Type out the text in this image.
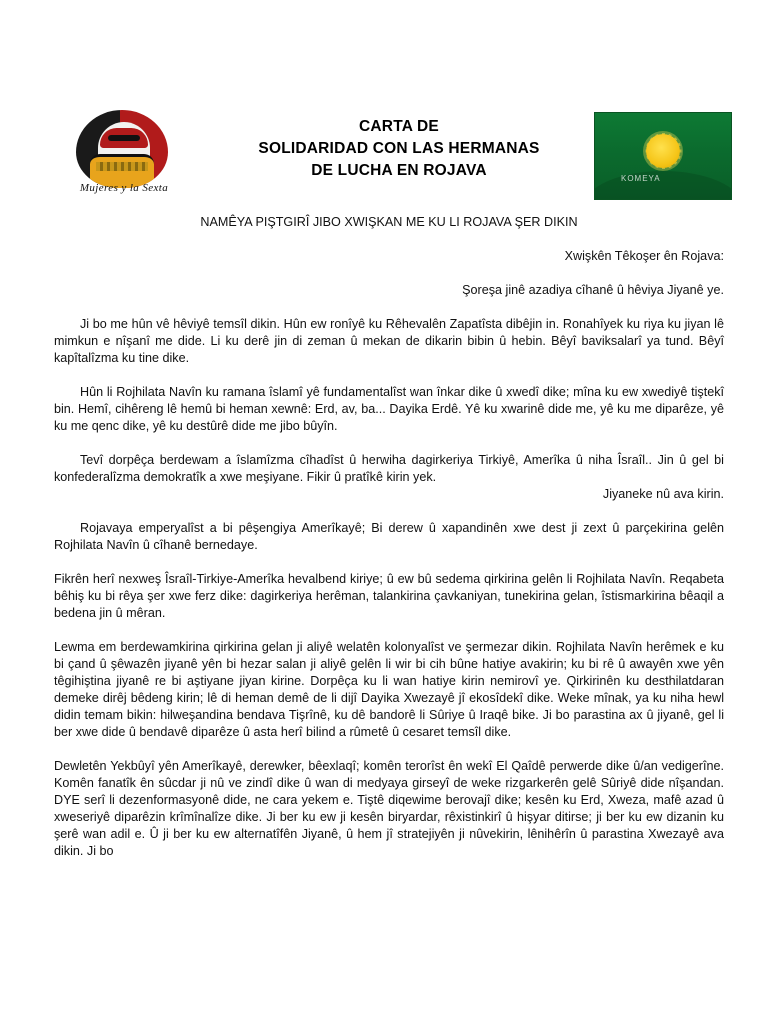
Mujeres y la Sexta
CARTA DE
SOLIDARIDAD CON LAS HERMANAS
DE LUCHA EN ROJAVA	KOMEYA

NAMÊYA PIŞTGIRÎ JIBO XWIŞKAN ME KU LI ROJAVA ŞER DIKIN

Xwişkên Têkoşer ên Rojava:

Şoreşa jinê azadiya cîhanê û hêviya Jiyanê ye.

Ji bo me hûn vê hêviyê temsîl dikin. Hûn ew ronîyê ku Rêhevalên Zapatîsta dibêjin in. Ronahîyek ku riya ku jiyan lê mimkun e nîşanî me dide. Li ku derê jin di zeman û mekan de dikarin bibin û hebin. Bêyî baviksalarî ya tund. Bêyî kapîtalîzma ku tine dike.

Hûn li Rojhilata Navîn ku ramana îslamî yê fundamentalîst wan înkar dike û xwedî dike; mîna ku ew xwediyê tiştekî bin. Hemî, cihêreng lê hemû bi heman xewnê: Erd, av, ba... Dayika Erdê. Yê ku xwarinê dide me, yê ku me diparêze, yê ku me qenc dike, yê ku destûrê dide me jibo bûyîn.

Tevî dorpêça berdewam a îslamîzma cîhadîst û herwiha dagirkeriya Tirkiyê, Amerîka û niha Îsraîl.. Jin û gel bi konfederalîzma demokratîk a xwe meşiyane. Fikir û pratîkê kirin yek.

Jiyaneke nû ava kirin.

Rojavaya emperyalîst a bi pêşengiya Amerîkayê; Bi derew û xapandinên xwe dest jі zext û parçekirina gelên Rojhilata Navîn û cîhanê bernedaye.

Fikrên herî nexweş Îsraîl-Tirkiye-Amerîka hevalbend kiriye; û ew bû sedema qirkirina gelên li Rojhilata Navîn. Reqabeta bêhiş ku bi rêya şer xwe ferz dike: dagirkeriya herêman, talankirina çavkaniyan, tunekirina gelan, îstismarkirina bêaqil a bedena jin û mêran.

Lewma em berdewamkirina qirkirina gelan ji aliyê welatên kolonyalîst ve şermezar dikin. Rojhilata Navîn herêmek e ku bi çand û şêwazên jiyanê yên bi hezar salan ji aliyê gelên li wir bi cih bûne hatiye avakirin; ku bi rê û awayên xwe yên têgihiştina jiyanê re bi aştiyane jiyan kirine. Dorpêça ku li wan hatiye kirin nemirovî ye. Qirkirinên ku desthilatdaran demeke dirêj bêdeng kirin; lê di heman demê de li dijî Dayika Xwezayê jî ekosîdekî dike. Weke mînak, ya ku niha hewl didin temam bikin: hilweşandina bendava Tişrînê, ku dê bandorê li Sûriye û Iraqê bike. Ji bo parastina ax û jiyanê, gel li ber xwe dide û bendavê diparêze û asta herî bilind a rûmetê û cesaret temsîl dike.

Dewletên Yekbûyî yên Amerîkayê, derewker, bêexlaqî; komên terorîst ên wekî El Qaîdê perwerde dike û/an vedigerîne. Komên fanatîk ên sûcdar ji nû ve zindî dike û wan di medyaya girseyî de weke rizgarkerên gelê Sûriyê dide nîşandan. DYE serî li dezenformasyonê dide, ne cara yekem e. Tiştê diqewime berovajî dike; kesên ku Erd, Xweza, mafê azad û xweseriyê diparêzin krîmînalîze dike. Ji ber ku ew ji kesên biryardar, rêxistinkirî û hişyar ditirse; ji ber ku ew dizanin ku şerê wan adil e. Û ji ber ku ew alternatîfên Jiyanê, û hem jî stratejiyên ji nûvekirin, lênihêrîn û parastina Xwezayê ava dikin. Ji bo
